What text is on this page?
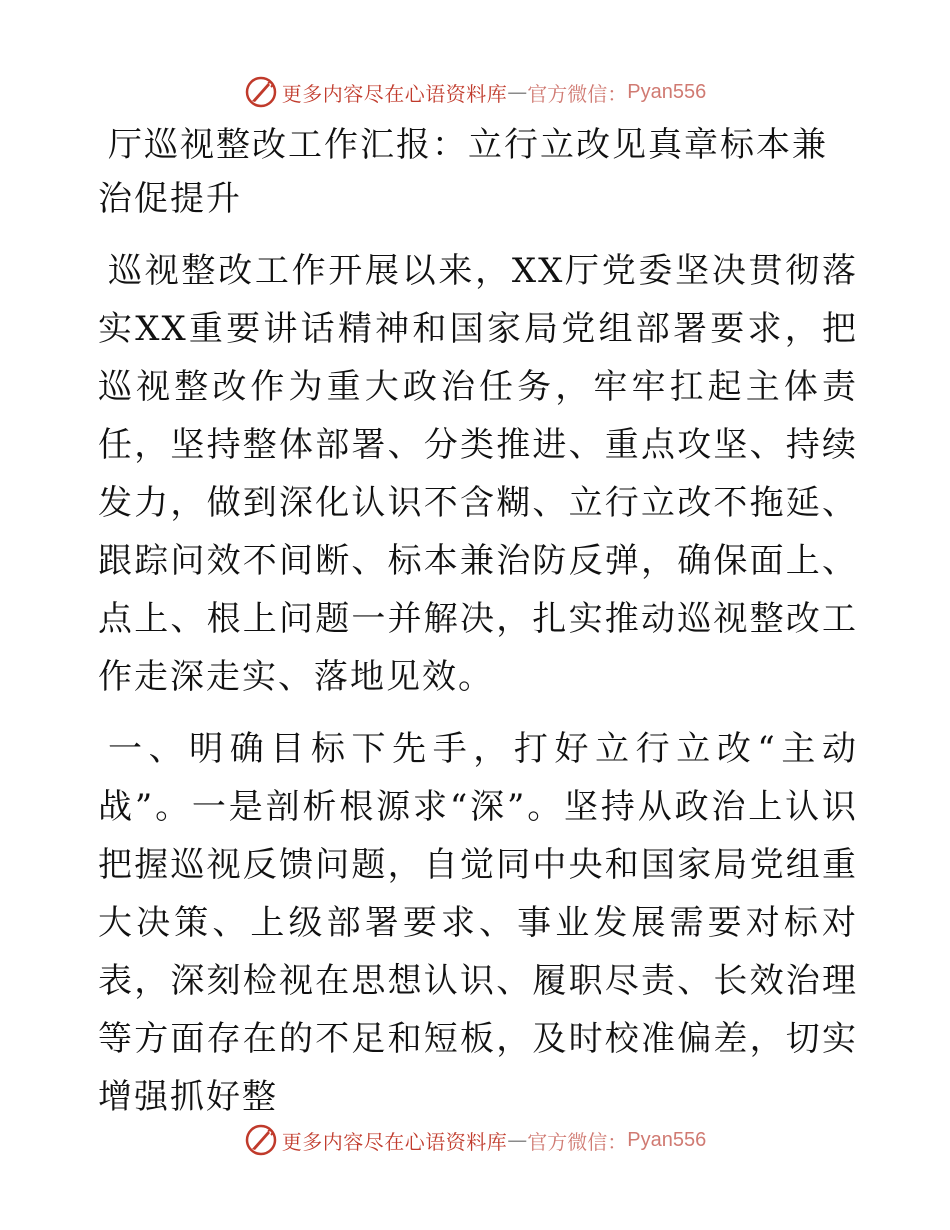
更多内容尽在心语资料库 — 官方微信： Pyan556

厅巡视整改工作汇报：立行立改见真章标本兼治促提升

巡视整改工作开展以来，XX厅党委坚决贯彻落实XX重要讲话精神和国家局党组部署要求，把巡视整改作为重大政治任务，牢牢扛起主体责任，坚持整体部署、分类推进、重点攻坚、持续发力，做到深化认识不含糊、立行立改不拖延、跟踪问效不间断、标本兼治防反弹，确保面上、点上、根上问题一并解决，扎实推动巡视整改工作走深走实、落地见效。

一、明确目标下先手，打好立行立改“主动战”。一是剖析根源求“深”。坚持从政治上认识把握巡视反馈问题，自觉同中央和国家局党组重大决策、上级部署要求、事业发展需要对标对表，深刻检视在思想认识、履职尽责、长效治理等方面存在的不足和短板，及时校准偏差，切实增强抓好整

更多内容尽在心语资料库 — 官方微信： Pyan556
